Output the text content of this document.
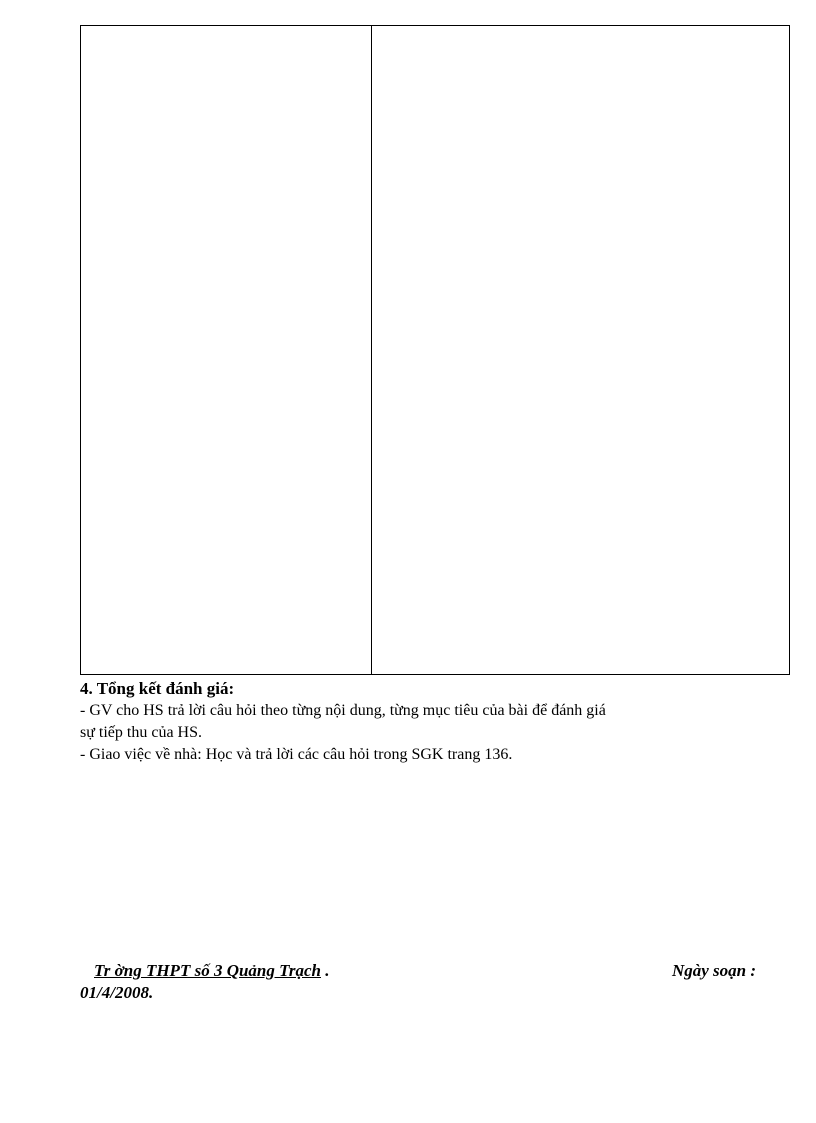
4. Tổng kết đánh giá:

- GV cho HS trả lời câu hỏi theo từng nội dung, từng mục tiêu của bài để đánh giá

sự tiếp thu của HS.

- Giao việc về nhà: Học và trả lời các câu hỏi trong SGK trang 136.

Tr ờng THPT số 3 Quảng Trạch .	Ngày soạn :
01/4/2008.
